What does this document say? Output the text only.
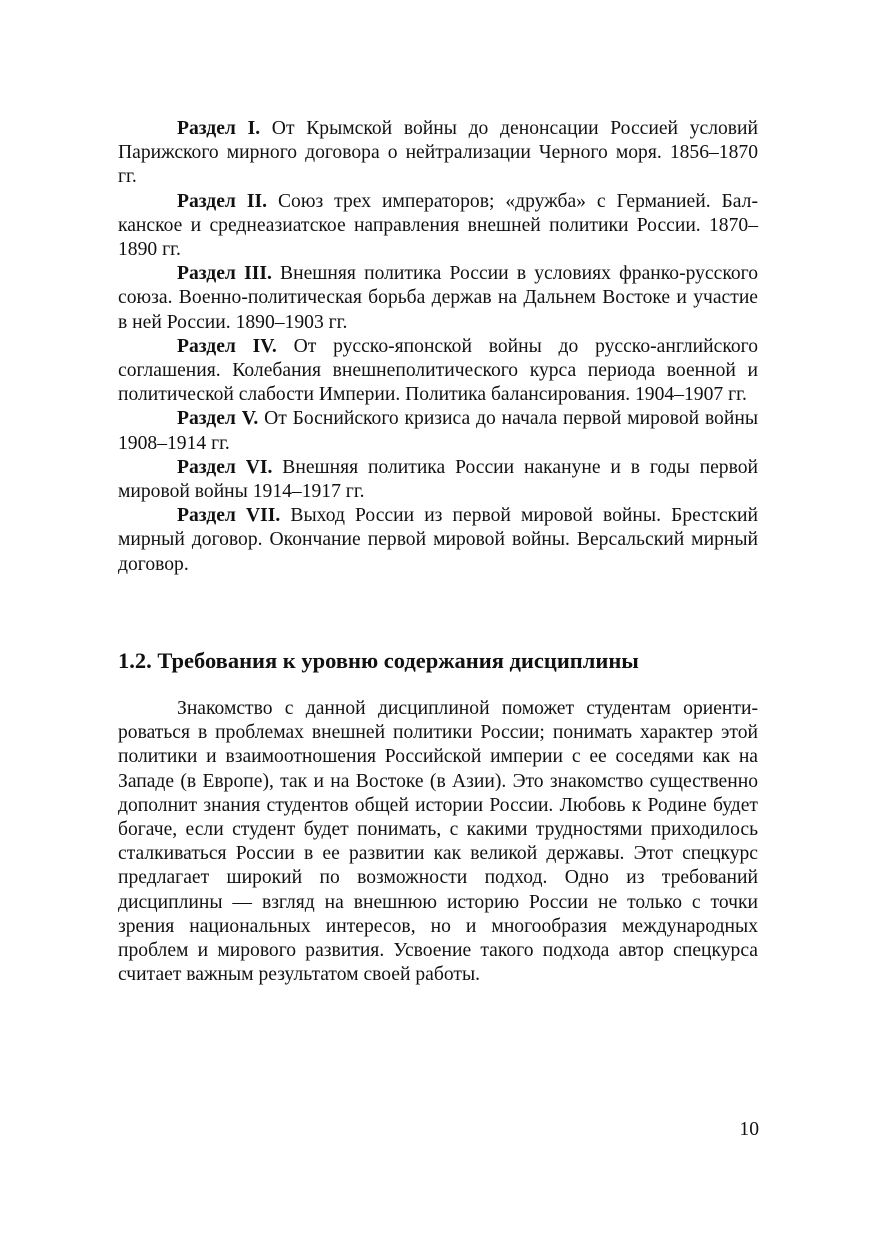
Раздел I. От Крымской войны до денонсации Россией условий Парижского мирного договора о нейтрализации Черного моря. 1856–1870 гг.

Раздел II. Союз трех императоров; «дружба» с Германией. Балканское и среднеазиатское направления внешней политики России. 1870–1890 гг.

Раздел III. Внешняя политика России в условиях франко-русского союза. Военно-политическая борьба держав на Дальнем Востоке и участие в ней России. 1890–1903 гг.

Раздел IV. От русско-японской войны до русско-английского соглашения. Колебания внешнеполитического курса периода военной и политической слабости Империи. Политика балансирования. 1904–1907 гг.

Раздел V. От Боснийского кризиса до начала первой мировой войны 1908–1914 гг.

Раздел VI. Внешняя политика России накануне и в годы первой мировой войны 1914–1917 гг.

Раздел VII. Выход России из первой мировой войны. Брестский мирный договор. Окончание первой мировой войны. Версальский мирный договор.

1.2. Требования к уровню содержания дисциплины

Знакомство с данной дисциплиной поможет студентам ориентироваться в проблемах внешней политики России; понимать характер этой политики и взаимоотношения Российской империи с ее соседями как на Западе (в Европе), так и на Востоке (в Азии). Это знакомство существенно дополнит знания студентов общей истории России. Любовь к Родине будет богаче, если студент будет понимать, с какими трудностями приходилось сталкиваться России в ее развитии как великой державы. Этот спецкурс предлагает широкий по возможности подход. Одно из требований дисциплины — взгляд на внешнюю историю России не только с точки зрения национальных интересов, но и многообразия международных проблем и мирового развития. Усвоение такого подхода автор спецкурса считает важным результатом своей работы.

10
